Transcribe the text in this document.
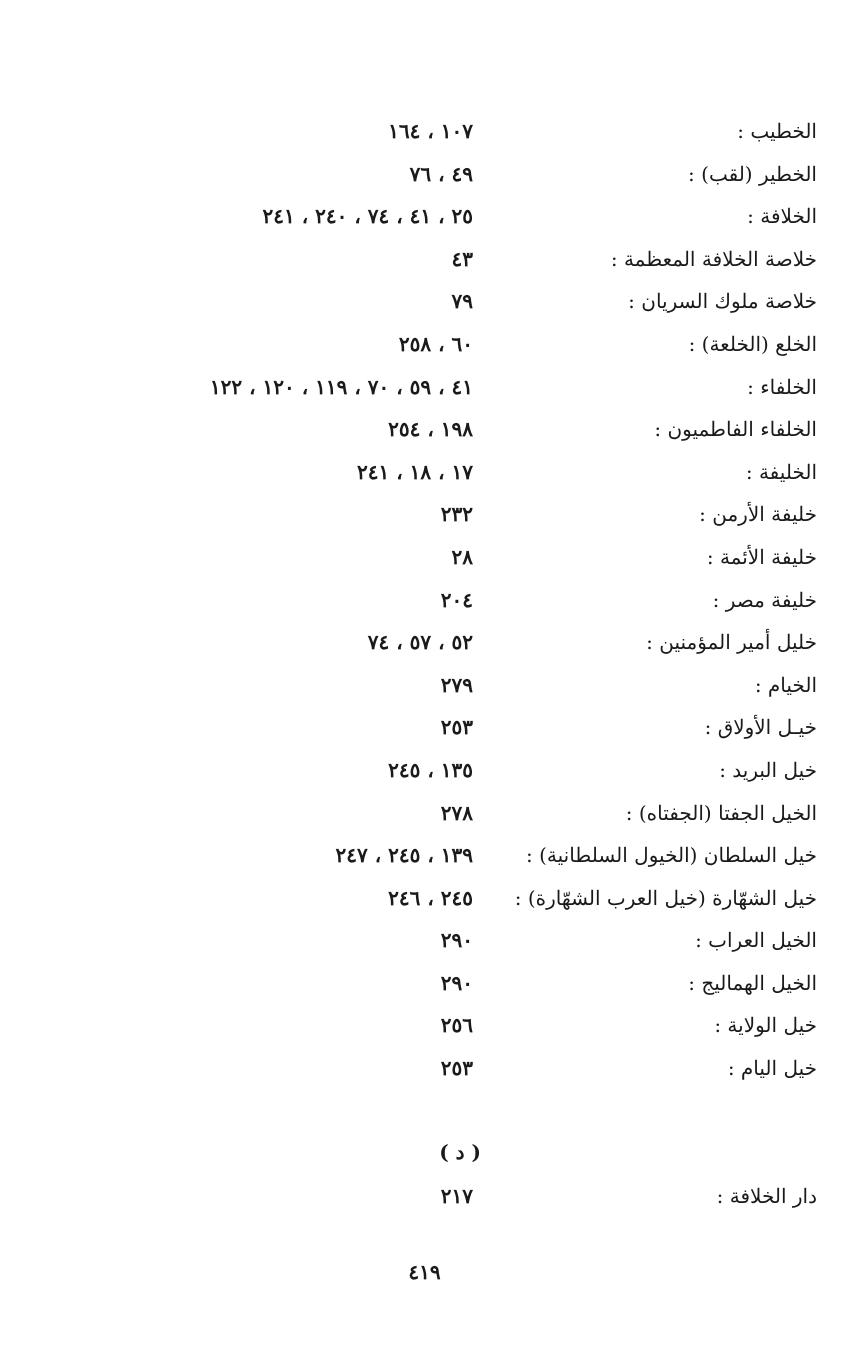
الخطيب :
١٠٧ ، ١٦٤
الخطير (لقب) :
٤٩ ، ٧٦
الخلافة :
٢٥ ، ٤١ ، ٧٤ ، ٢٤٠ ، ٢٤١
خلاصة الخلافة المعظمة :
٤٣
خلاصة ملوك السريان :
٧٩
الخلع (الخلعة) :
٦٠ ، ٢٥٨
الخلفاء :
٤١ ، ٥٩ ، ٧٠ ، ١١٩ ، ١٢٠ ، ١٢٢
الخلفاء الفاطميون :
١٩٨ ، ٢٥٤
الخليفة :
١٧ ، ١٨ ، ٢٤١
خليفة الأرمن :
٢٣٢
خليفة الأئمة :
٢٨
خليفة مصر :
٢٠٤
خليل أمير المؤمنين :
٥٢ ، ٥٧ ، ٧٤
الخيام :
٢٧٩
خيـل الأولاق :
٢٥٣
خيل البريد :
١٣٥ ، ٢٤٥
الخيل الجفتا (الجفتاه) :
٢٧٨
خيل السلطان (الخيول السلطانية) :
١٣٩ ، ٢٤٥ ، ٢٤٧
خيل الشهّارة (خيل العرب الشهّارة) :
٢٤٥ ، ٢٤٦
الخيل العراب :
٢٩٠
الخيل الهماليج :
٢٩٠
خيل الولاية :
٢٥٦
خيل اليام :
٢٥٣
( د )
دار الخلافة :
٢١٧
٤١٩
